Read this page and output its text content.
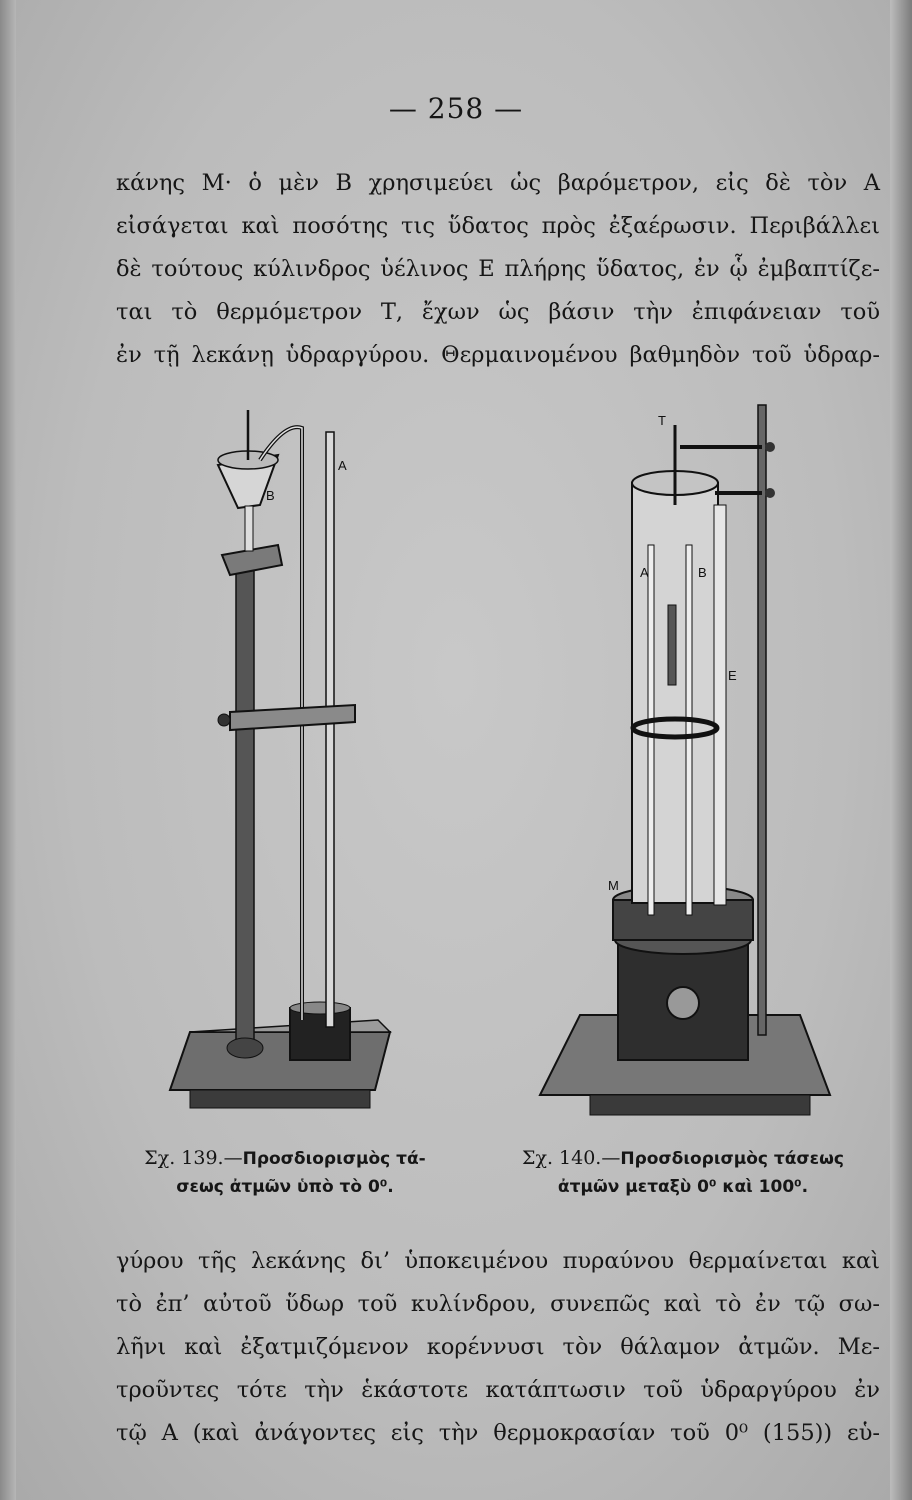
— 258 —
κάνης Μ· ὁ μὲν Β χρησιμεύει ὡς βαρόμετρον, εἰς δὲ τὸν Α
εἰσάγεται καὶ ποσότης τις ὕδατος πρὸς ἐξαέρωσιν. Περιβάλλει
δὲ τούτους κύλινδρος ὑέλινος Ε πλήρης ὕδατος, ἐν ᾧ ἐμβαπτίζε-
ται τὸ θερμόμετρον Τ, ἔχων ὡς βάσιν τὴν ἐπιφάνειαν τοῦ
ἐν τῇ λεκάνῃ ὑδραργύρου. Θερμαινομένου βαθμηδὸν τοῦ ὑδραρ-
A
B
T
A	B
E
M
Σχ. 139.—Προσδιορισμὸς τά-
σεως ἀτμῶν ὑπὸ τὸ 0⁰.
Σχ. 140.—Προσδιορισμὸς τάσεως
ἀτμῶν μεταξὺ 0⁰ καὶ 100⁰.
γύρου τῆς λεκάνης δι’ ὑποκειμένου πυραύνου θερμαίνεται καὶ
τὸ ἐπ’ αὐτοῦ ὕδωρ τοῦ κυλίνδρου, συνεπῶς καὶ τὸ ἐν τῷ σω-
λῆνι καὶ ἐξατμιζόμενον κορέννυσι τὸν θάλαμον ἀτμῶν. Με-
τροῦντες τότε τὴν ἑκάστοτε κατάπτωσιν τοῦ ὑδραργύρου ἐν
τῷ Α (καὶ ἀνάγοντες εἰς τὴν θερμοκρασίαν τοῦ 0⁰ (155)) εὑ-
